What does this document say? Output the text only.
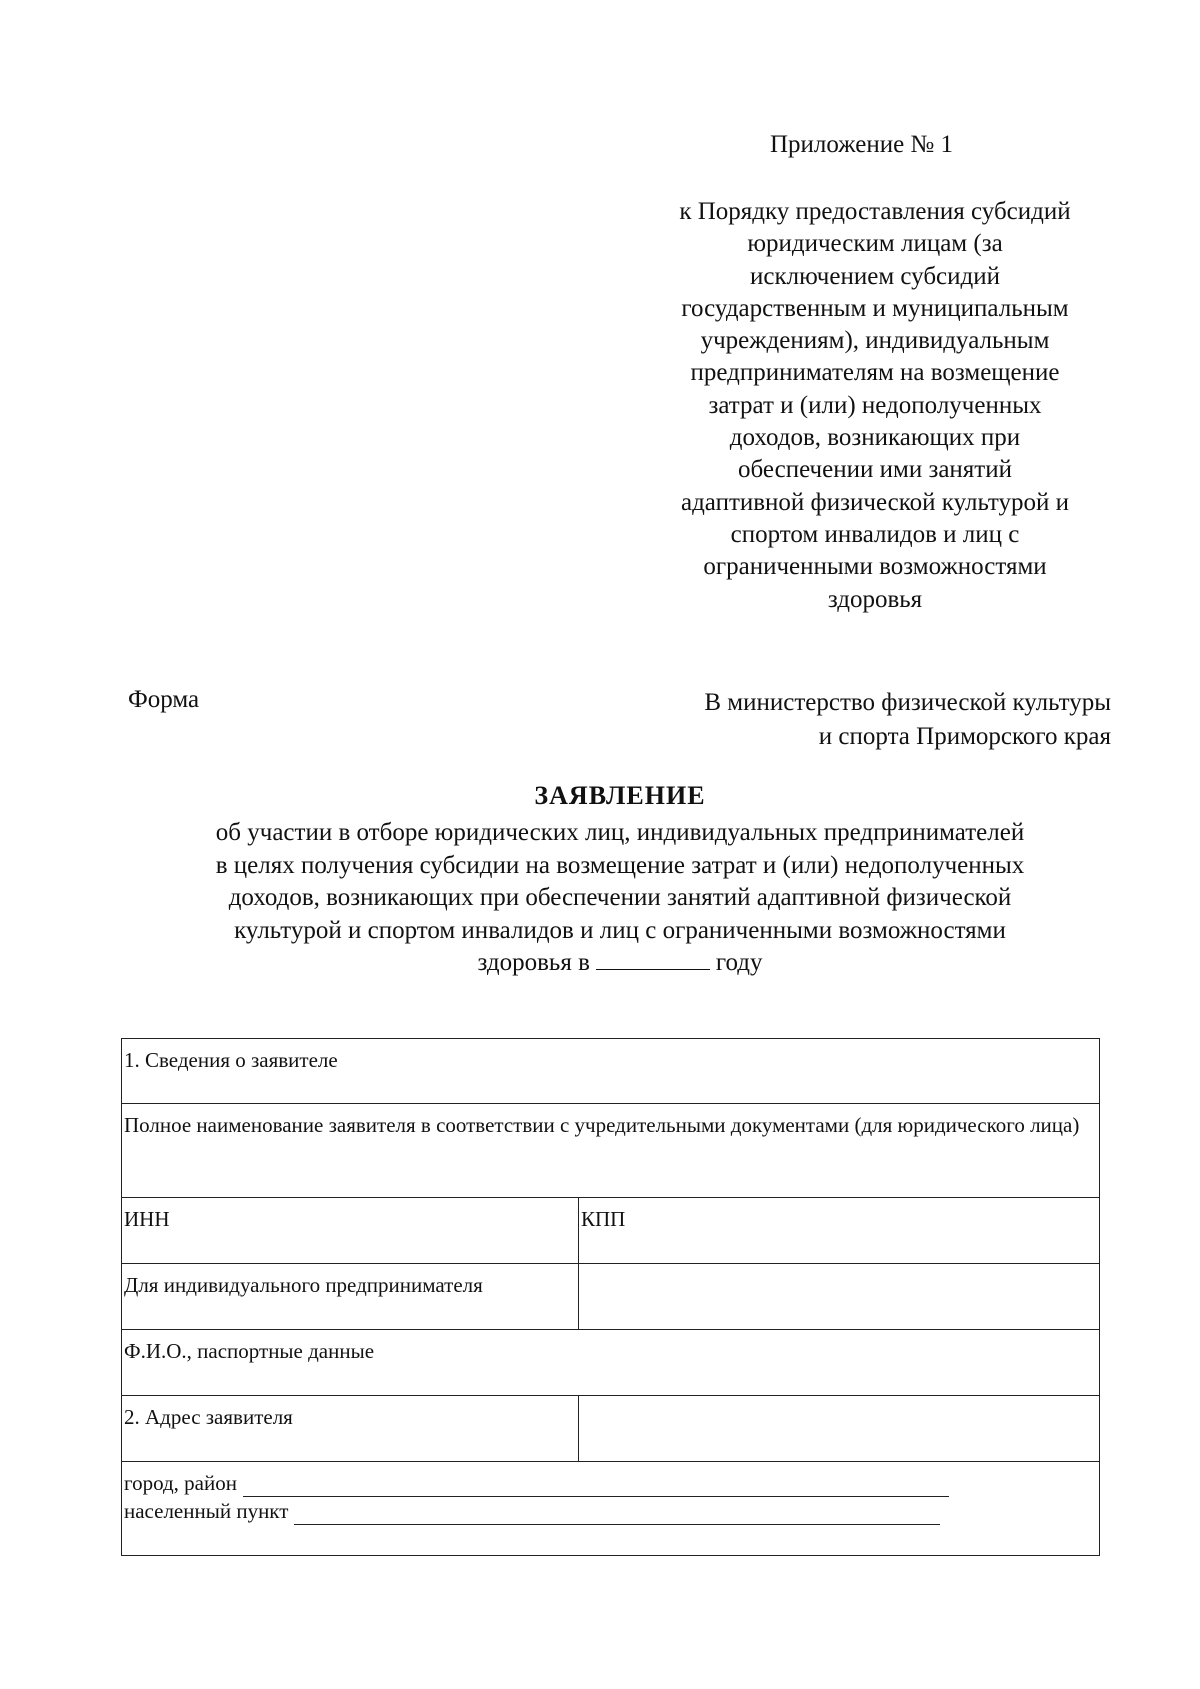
Приложение № 1
к Порядку предоставления субсидий
юридическим лицам (за
исключением субсидий
государственным и муниципальным
учреждениям), индивидуальным
предпринимателям на возмещение
затрат и (или) недополученных
доходов, возникающих при
обеспечении ими занятий
адаптивной физической культурой и
спортом инвалидов и лиц с
ограниченными возможностями
здоровья
Форма	В министерство физической культуры
и спорта Приморского края
ЗАЯВЛЕНИЕ
об участии в отборе юридических лиц, индивидуальных предпринимателей
в целях получения субсидии на возмещение затрат и (или) недополученных
доходов, возникающих при обеспечении занятий адаптивной физической
культурой и спортом инвалидов и лиц с ограниченными возможностями
здоровья в	году
1. Сведения о заявителе	
Полное наименование заявителя в соответствии с учредительными документами (для юридического лица)	
ИНН	КПП
Для индивидуального предпринимателя	
Ф.И.О., паспортные данные	
2. Адрес заявителя	

город, район
населенный пункт	
